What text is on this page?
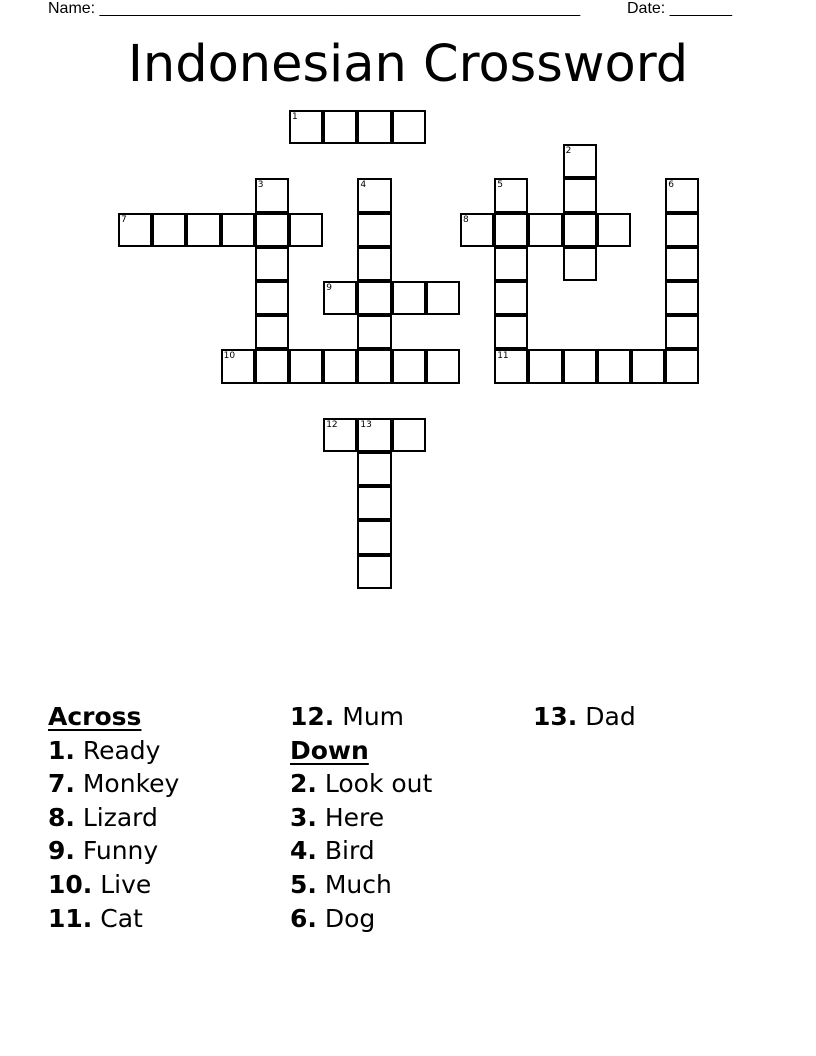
Name: ______________________________________________________	Date: _______
Indonesian Crossword
1
7	8
9
10	11
12	13
2
3	4	5	6
Across
1. Ready
7. Monkey
8. Lizard
9. Funny
10. Live
11. Cat
12. Mum
Down
2. Look out
3. Here
4. Bird
5. Much
6. Dog
13. Dad
